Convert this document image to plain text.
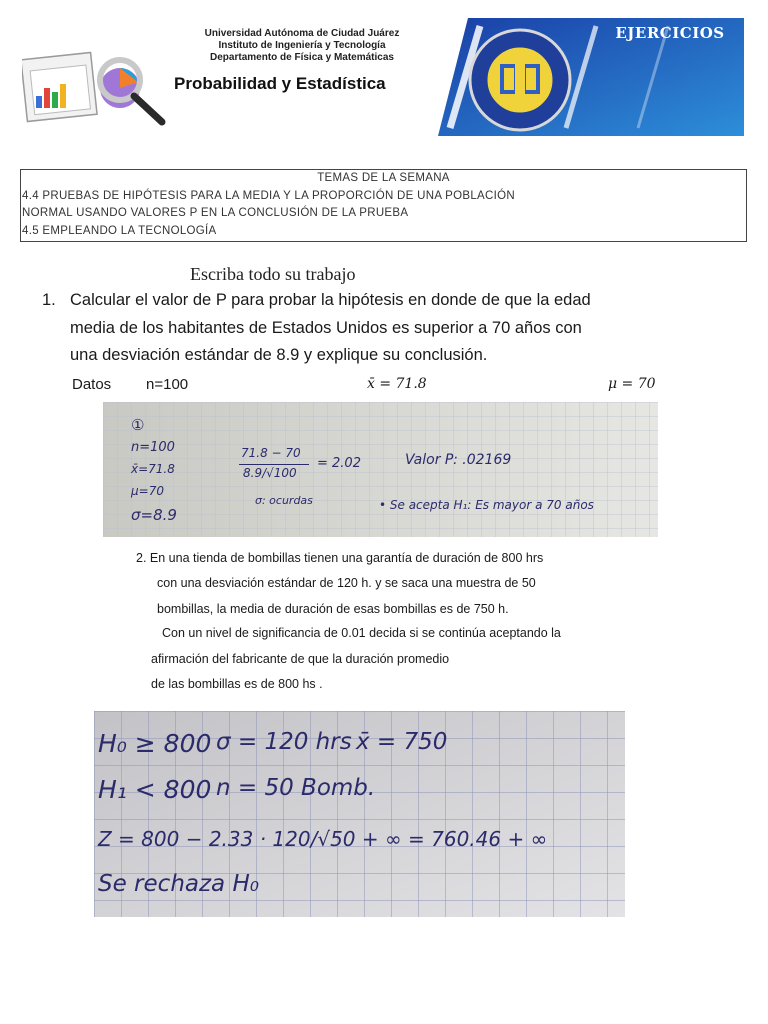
Universidad Autónoma de Ciudad Juárez
Instituto de Ingeniería y Tecnología
Departamento de Física y Matemáticas
Probabilidad y Estadística
EJERCICIOS
TEMAS DE LA SEMANA
4.4 PRUEBAS DE HIPÓTESIS PARA LA MEDIA Y LA PROPORCIÓN DE UNA POBLACIÓN
NORMAL USANDO VALORES P EN LA CONCLUSIÓN DE LA PRUEBA
4.5 EMPLEANDO LA TECNOLOGÍA
Escriba todo su trabajo
1. Calcular el valor de P para probar la hipótesis en donde de que la edad
media de los habitantes de Estados Unidos es superior a 70 años con
una desviación estándar de 8.9 y explique su conclusión.
Datos n=100	x̄ = 71.8	μ = 70
①
n=100
x̄=71.8
μ=70
σ=8.9
71.8 − 70
8.9/√100
= 2.02	Valor P: .02169
σ: ocurdas	• Se acepta H₁: Es mayor a 70 años
2. En una tienda de bombillas tienen una garantía de duración de 800 hrs
con una desviación estándar de 120 h. y se saca una muestra de 50
bombillas, la media de duración de esas bombillas es de 750 h.
Con un nivel de significancia de 0.01 decida si se continúa aceptando la
afirmación del fabricante de que la duración promedio
de las bombillas es de 800 hs .
H₀ ≥ 800 σ = 120 hrs x̄ = 750
H₁ < 800 n = 50 Bomb.
Z = 800 − 2.33 · 120/√50 + ∞ = 760.46 + ∞
Se rechaza H₀
